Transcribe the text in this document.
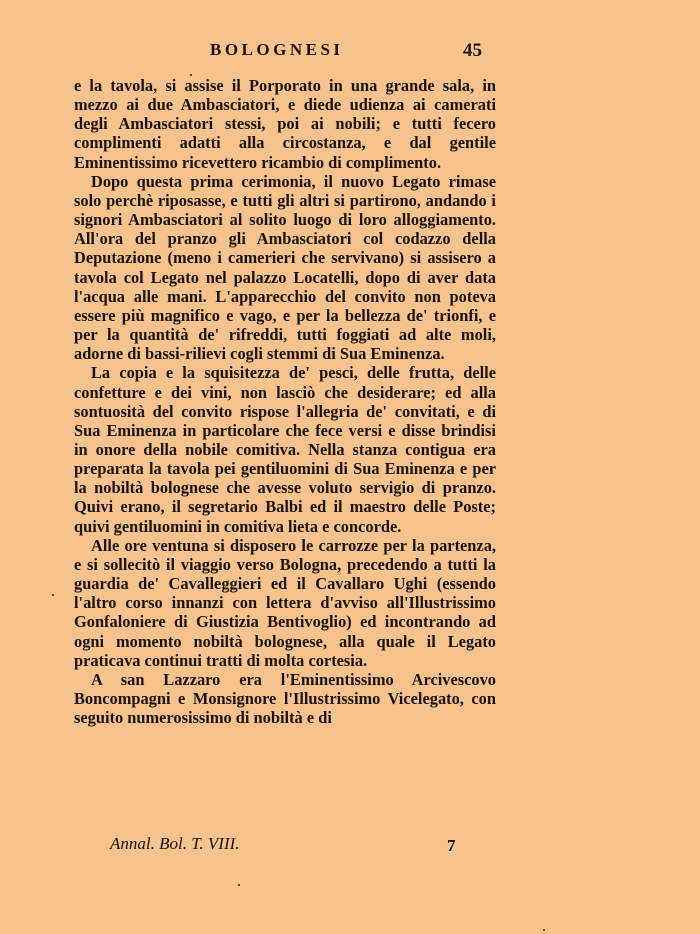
BOLOGNESI	45

e la tavola, si assise il Porporato in una grande sala, in mezzo ai due Ambasciatori, e diede udienza ai camerati degli Ambasciatori stessi, poi ai nobili; e tutti fecero complimenti adatti alla circostanza, e dal gentile Eminentissimo ricevettero ricambio di complimento.

Dopo questa prima cerimonia, il nuovo Legato rimase solo perchè riposasse, e tutti gli altri si partirono, andando i signori Ambasciatori al solito luogo di loro alloggiamento. All'ora del pranzo gli Ambasciatori col codazzo della Deputazione (meno i camerieri che servivano) si assisero a tavola col Legato nel palazzo Locatelli, dopo di aver data l'acqua alle mani. L'apparecchio del convito non poteva essere più magnifico e vago, e per la bellezza de' trionfi, e per la quantità de' rifreddi, tutti foggiati ad alte moli, adorne di bassi-rilievi cogli stemmi di Sua Eminenza.

La copia e la squisitezza de' pesci, delle frutta, delle confetture e dei vini, non lasciò che desiderare; ed alla sontuosità del convito rispose l'allegria de' convitati, e di Sua Eminenza in particolare che fece versi e disse brindisi in onore della nobile comitiva. Nella stanza contigua era preparata la tavola pei gentiluomini di Sua Eminenza e per la nobiltà bolognese che avesse voluto servigio di pranzo. Quivi erano, il segretario Balbi ed il maestro delle Poste; quivi gentiluomini in comitiva lieta e concorde.

Alle ore ventuna si disposero le carrozze per la partenza, e si sollecitò il viaggio verso Bologna, precedendo a tutti la guardia de' Cavalleggieri ed il Cavallaro Ughi (essendo l'altro corso innanzi con lettera d'avviso all'Illustrissimo Gonfaloniere di Giustizia Bentivoglio) ed incontrando ad ogni momento nobiltà bolognese, alla quale il Legato praticava continui tratti di molta cortesia.

A san Lazzaro era l'Eminentissimo Arcivescovo Boncompagni e Monsignore l'Illustrissimo Vicelegato, con seguito numerosissimo di nobiltà e di

Annal. Bol. T. VIII.	7
